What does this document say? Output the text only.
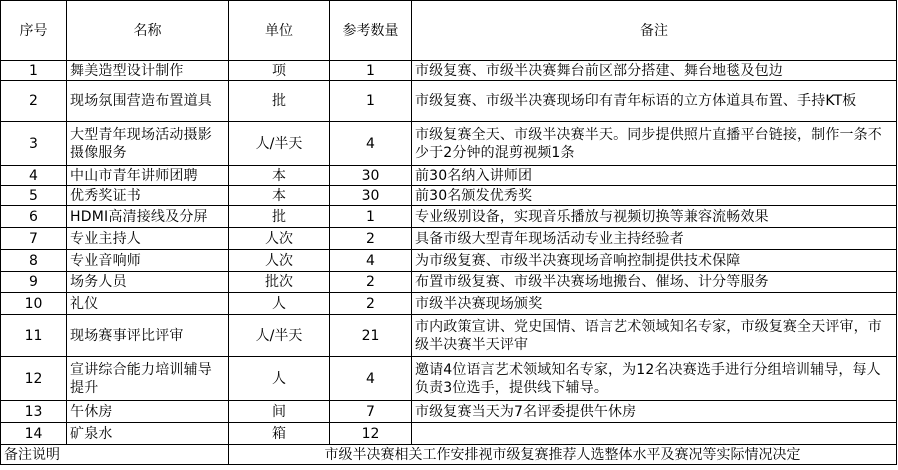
序号	名称	单位	参考数量	备注
1	舞美造型设计制作	项	1	市级复赛、市级半决赛舞台前区部分搭建、舞台地毯及包边
2	现场氛围营造布置道具	批	1	市级复赛、市级半决赛现场印有青年标语的立方体道具布置、手持KT板
3	大型青年现场活动摄影摄像服务	人/半天	4	市级复赛全天、市级半决赛半天。同步提供照片直播平台链接，制作一条不少于2分钟的混剪视频1条
4	中山市青年讲师团聘	本	30	前30名纳入讲师团
5	优秀奖证书	本	30	前30名颁发优秀奖
6	HDMI高清接线及分屏	批	1	专业级别设备，实现音乐播放与视频切换等兼容流畅效果
7	专业主持人	人次	2	具备市级大型青年现场活动专业主持经验者
8	专业音响师	人次	4	为市级复赛、市级半决赛现场音响控制提供技术保障
9	场务人员	批次	2	布置市级复赛、市级半决赛场地搬台、催场、计分等服务
10	礼仪	人	2	市级半决赛现场颁奖
11	现场赛事评比评审	人/半天	21	市内政策宣讲、党史国情、语言艺术领域知名专家，市级复赛全天评审，市级半决赛半天评审
12	宣讲综合能力培训辅导提升	人	4	邀请4位语言艺术领域知名专家，为12名决赛选手进行分组培训辅导，每人负责3位选手，提供线下辅导。
13	午休房	间	7	市级复赛当天为7名评委提供午休房
14	矿泉水	箱	12	
备注说明		市级半决赛相关工作安排视市级复赛推荐人选整体水平及赛况等实际情况决定		
